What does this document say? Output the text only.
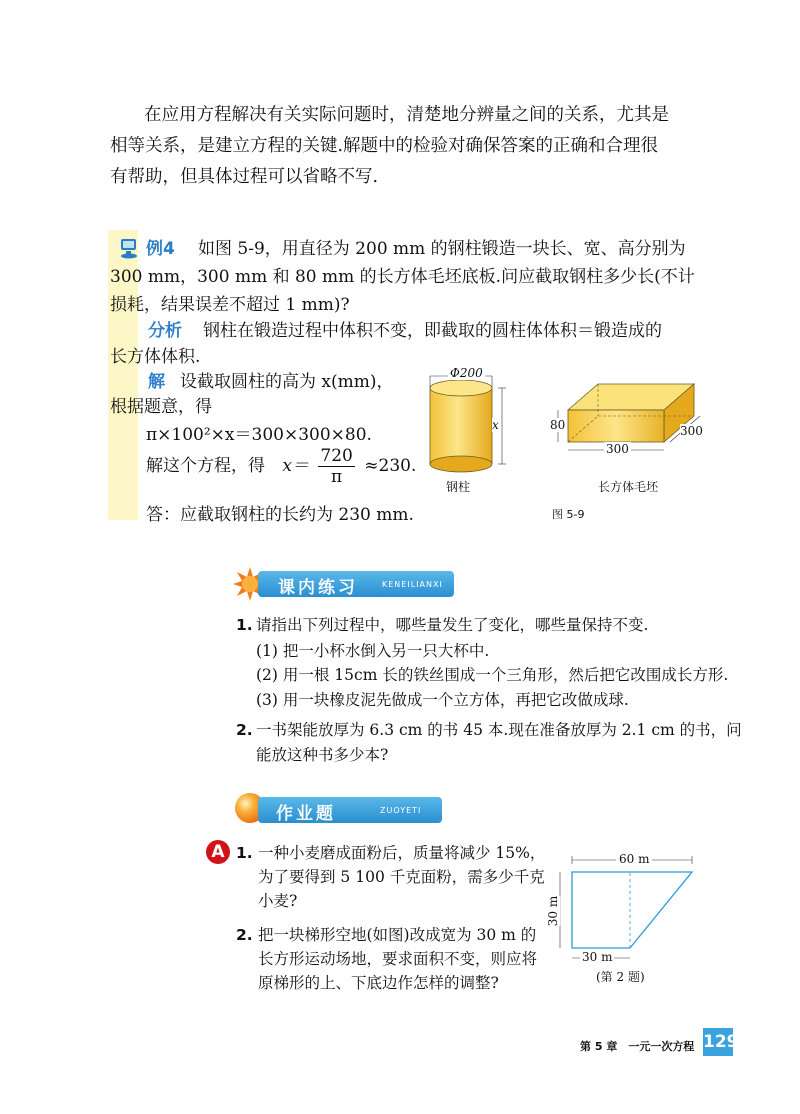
在应用方程解决有关实际问题时，清楚地分辨量之间的关系，尤其是
相等关系，是建立方程的关键.解题中的检验对确保答案的正确和合理很
有帮助，但具体过程可以省略不写.
例4 如图 5-9，用直径为 200 mm 的钢柱锻造一块长、宽、高分别为
300 mm，300 mm 和 80 mm 的长方体毛坯底板.问应截取钢柱多少长(不计
损耗，结果误差不超过 1 mm)?
分析 钢柱在锻造过程中体积不变，即截取的圆柱体体积＝锻造成的
长方体体积.
解 设截取圆柱的高为 x(mm)，
根据题意，得
π×100²×x＝300×300×80.
解这个方程，得 $x= \frac{720}{\pi} \approx 230$.
答：应截取钢柱的长约为 230 mm.
Φ200
x
钢柱
80
300
300
长方体毛坯
图 5-9
课内练习	KENEILIANXI
1. 请指出下列过程中，哪些量发生了变化，哪些量保持不变.
(1) 把一小杯水倒入另一只大杯中.
(2) 用一根 15cm 长的铁丝围成一个三角形，然后把它改围成长方形.
(3) 用一块橡皮泥先做成一个立方体，再把它改做成球.
2. 一书架能放厚为 6.3 cm 的书 45 本.现在准备放厚为 2.1 cm 的书，问
能放这种书多少本?
作业题	ZUOYETI
A 1. 一种小麦磨成面粉后，质量将减少 15%，
为了要得到 5 100 千克面粉，需多少千克
小麦?
2. 把一块梯形空地(如图)改成宽为 30 m 的
长方形运动场地，要求面积不变，则应将
原梯形的上、下底边作怎样的调整?
60 m
30 m
30 m
(第 2 题)
第 5 章　一元一次方程 129
